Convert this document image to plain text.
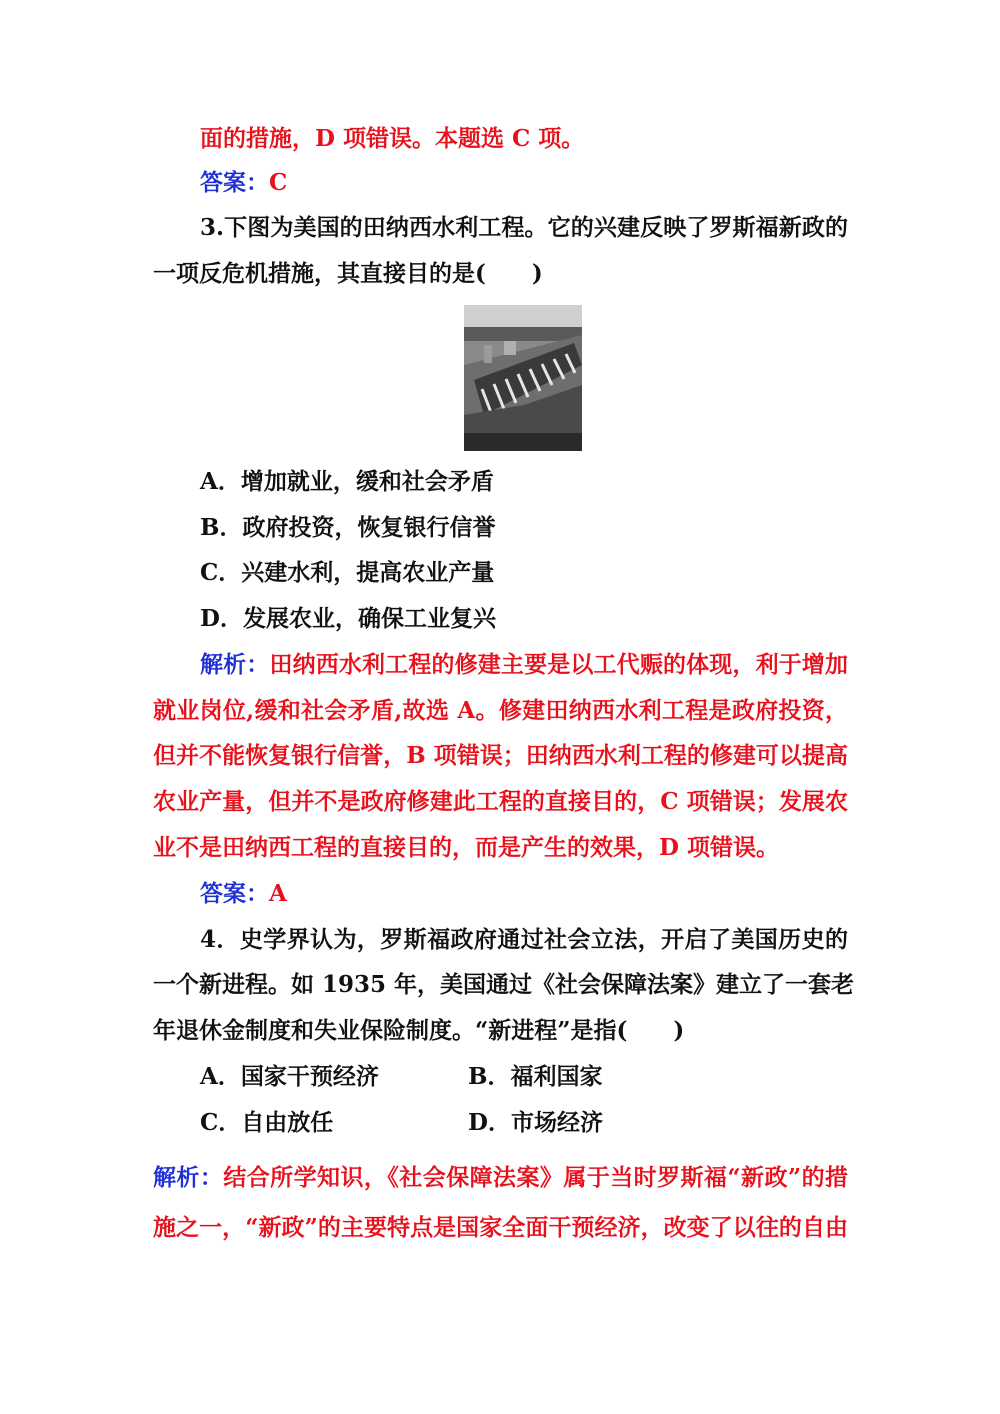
面的措施，D 项错误。本题选 C 项。
答案：C
3.下图为美国的田纳西水利工程。它的兴建反映了罗斯福新政的
一项反危机措施，其直接目的是(　　)
A．增加就业，缓和社会矛盾
B．政府投资，恢复银行信誉
C．兴建水利，提高农业产量
D．发展农业，确保工业复兴
解析：田纳西水利工程的修建主要是以工代赈的体现，利于增加
就业岗位,缓和社会矛盾,故选 A。修建田纳西水利工程是政府投资，
但并不能恢复银行信誉，B 项错误；田纳西水利工程的修建可以提高
农业产量，但并不是政府修建此工程的直接目的，C 项错误；发展农
业不是田纳西工程的直接目的，而是产生的效果，D 项错误。
答案：A
4．史学界认为，罗斯福政府通过社会立法，开启了美国历史的
一个新进程。如 1935 年，美国通过《社会保障法案》建立了一套老
年退休金制度和失业保险制度。“新进程”是指(　　)
A．国家干预经济	B．福利国家
C．自由放任	D．市场经济
解析：结合所学知识，《社会保障法案》属于当时罗斯福“新政”的措
施之一，“新政”的主要特点是国家全面干预经济，改变了以往的自由
